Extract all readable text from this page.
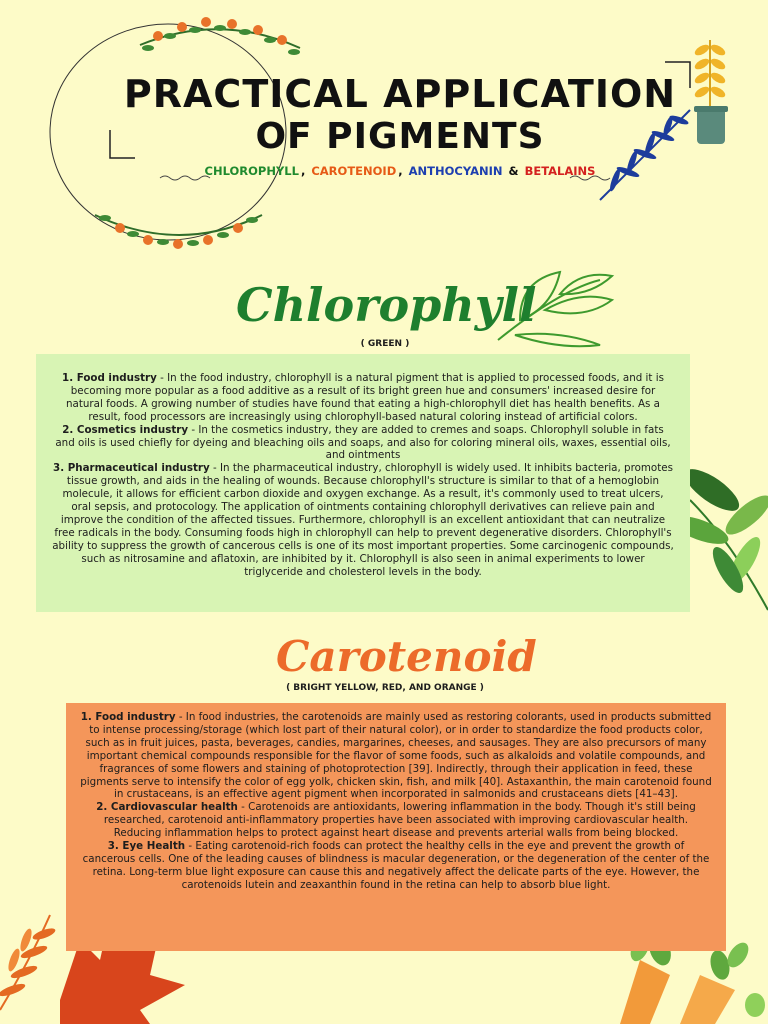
PRACTICAL APPLICATION
OF PIGMENTS
CHLOROPHYLL , CAROTENOID , ANTHOCYANIN & BETALAINS
Chlorophyll
( GREEN )

1. Food industry - In the food industry, chlorophyll is a natural pigment that is applied to processed foods, and it is becoming more popular as a food additive as a result of its bright green hue and consumers' increased desire for natural foods. A growing number of studies have found that eating a high-chlorophyll diet has health benefits. As a result, food processors are increasingly using chlorophyll-based natural coloring instead of artificial colors.

2. Cosmetics industry - In the cosmetics industry, they are added to cremes and soaps. Chlorophyll soluble in fats and oils is used chiefly for dyeing and bleaching oils and soaps, and also for coloring mineral oils, waxes, essential oils, and ointments

3. Pharmaceutical industry - In the pharmaceutical industry, chlorophyll is widely used. It inhibits bacteria, promotes tissue growth, and aids in the healing of wounds. Because chlorophyll's structure is similar to that of a hemoglobin molecule, it allows for efficient carbon dioxide and oxygen exchange. As a result, it's commonly used to treat ulcers, oral sepsis, and protocology. The application of ointments containing chlorophyll derivatives can relieve pain and improve the condition of the affected tissues. Furthermore, chlorophyll is an excellent antioxidant that can neutralize free radicals in the body. Consuming foods high in chlorophyll can help to prevent degenerative disorders. Chlorophyll's ability to suppress the growth of cancerous cells is one of its most important properties. Some carcinogenic compounds, such as nitrosamine and aflatoxin, are inhibited by it. Chlorophyll is also seen in animal experiments to lower triglyceride and cholesterol levels in the body.

Carotenoid
( BRIGHT YELLOW, RED, AND ORANGE )

1. Food industry - In food industries, the carotenoids are mainly used as restoring colorants, used in products submitted to intense processing/storage (which lost part of their natural color), or in order to standardize the food products color, such as in fruit juices, pasta, beverages, candies, margarines, cheeses, and sausages. They are also precursors of many important chemical compounds responsible for the flavor of some foods, such as alkaloids and volatile compounds, and fragrances of some flowers and staining of photoprotection [39]. Indirectly, through their application in feed, these pigments serve to intensify the color of egg yolk, chicken skin, fish, and milk [40]. Astaxanthin, the main carotenoid found in crustaceans, is an effective agent pigment when incorporated in salmonids and crustaceans diets [41–43].

2. Cardiovascular health - Carotenoids are antioxidants, lowering inflammation in the body. Though it's still being researched, carotenoid anti-inflammatory properties have been associated with improving cardiovascular health. Reducing inflammation helps to protect against heart disease and prevents arterial walls from being blocked.

3. Eye Health - Eating carotenoid-rich foods can protect the healthy cells in the eye and prevent the growth of cancerous cells. One of the leading causes of blindness is macular degeneration, or the degeneration of the center of the retina. Long-term blue light exposure can cause this and negatively affect the delicate parts of the eye. However, the carotenoids lutein and zeaxanthin found in the retina can help to absorb blue light.
